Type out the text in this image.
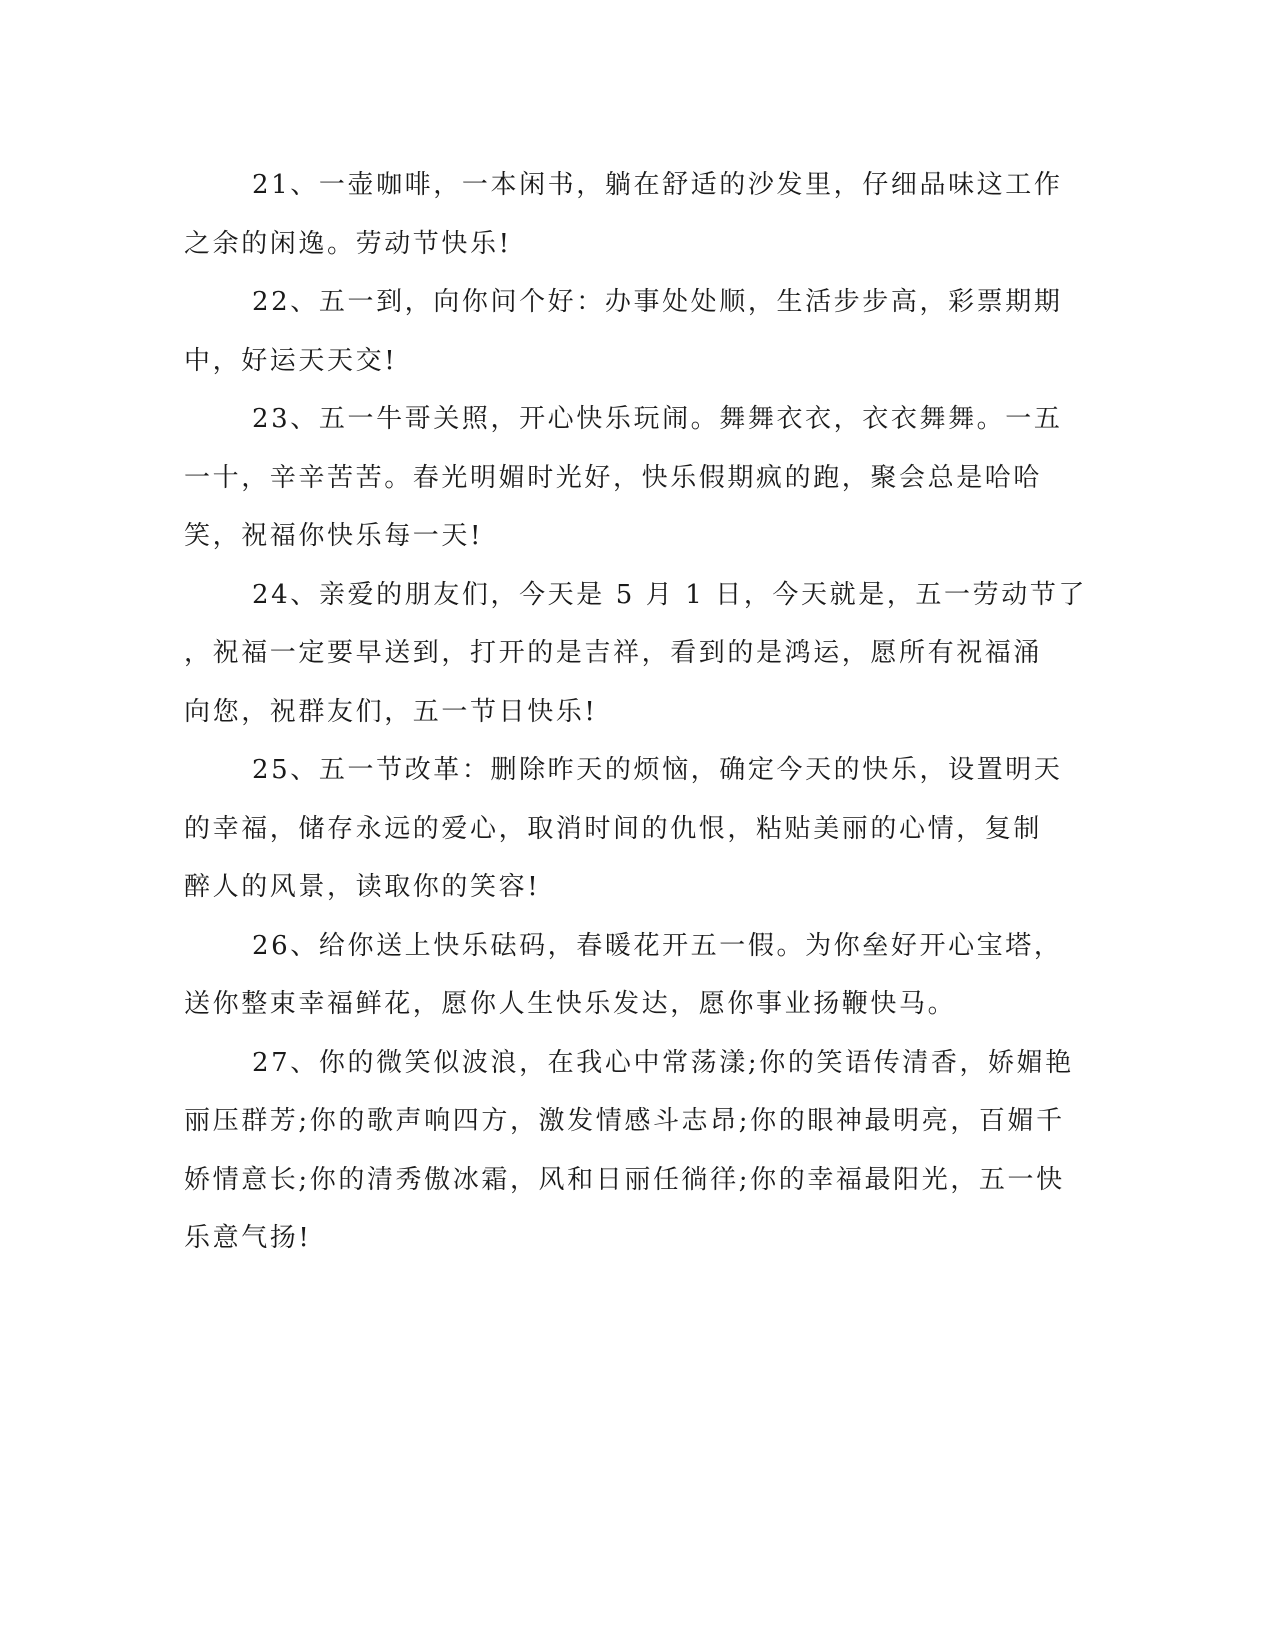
21、一壶咖啡，一本闲书，躺在舒适的沙发里，仔细品味这工作
之余的闲逸。劳动节快乐!

22、五一到，向你问个好：办事处处顺，生活步步高，彩票期期
中，好运天天交!

23、五一牛哥关照，开心快乐玩闹。舞舞衣衣，衣衣舞舞。一五
一十，辛辛苦苦。春光明媚时光好，快乐假期疯的跑，聚会总是哈哈
笑，祝福你快乐每一天!

24、亲爱的朋友们，今天是 5 月 1 日，今天就是，五一劳动节了
，祝福一定要早送到，打开的是吉祥，看到的是鸿运，愿所有祝福涌
向您，祝群友们，五一节日快乐!

25、五一节改革：删除昨天的烦恼，确定今天的快乐，设置明天
的幸福，储存永远的爱心，取消时间的仇恨，粘贴美丽的心情，复制
醉人的风景，读取你的笑容!

26、给你送上快乐砝码，春暖花开五一假。为你垒好开心宝塔，
送你整束幸福鲜花，愿你人生快乐发达，愿你事业扬鞭快马。

27、你的微笑似波浪，在我心中常荡漾;你的笑语传清香，娇媚艳
丽压群芳;你的歌声响四方，激发情感斗志昂;你的眼神最明亮，百媚千
娇情意长;你的清秀傲冰霜，风和日丽任徜徉;你的幸福最阳光，五一快
乐意气扬!
